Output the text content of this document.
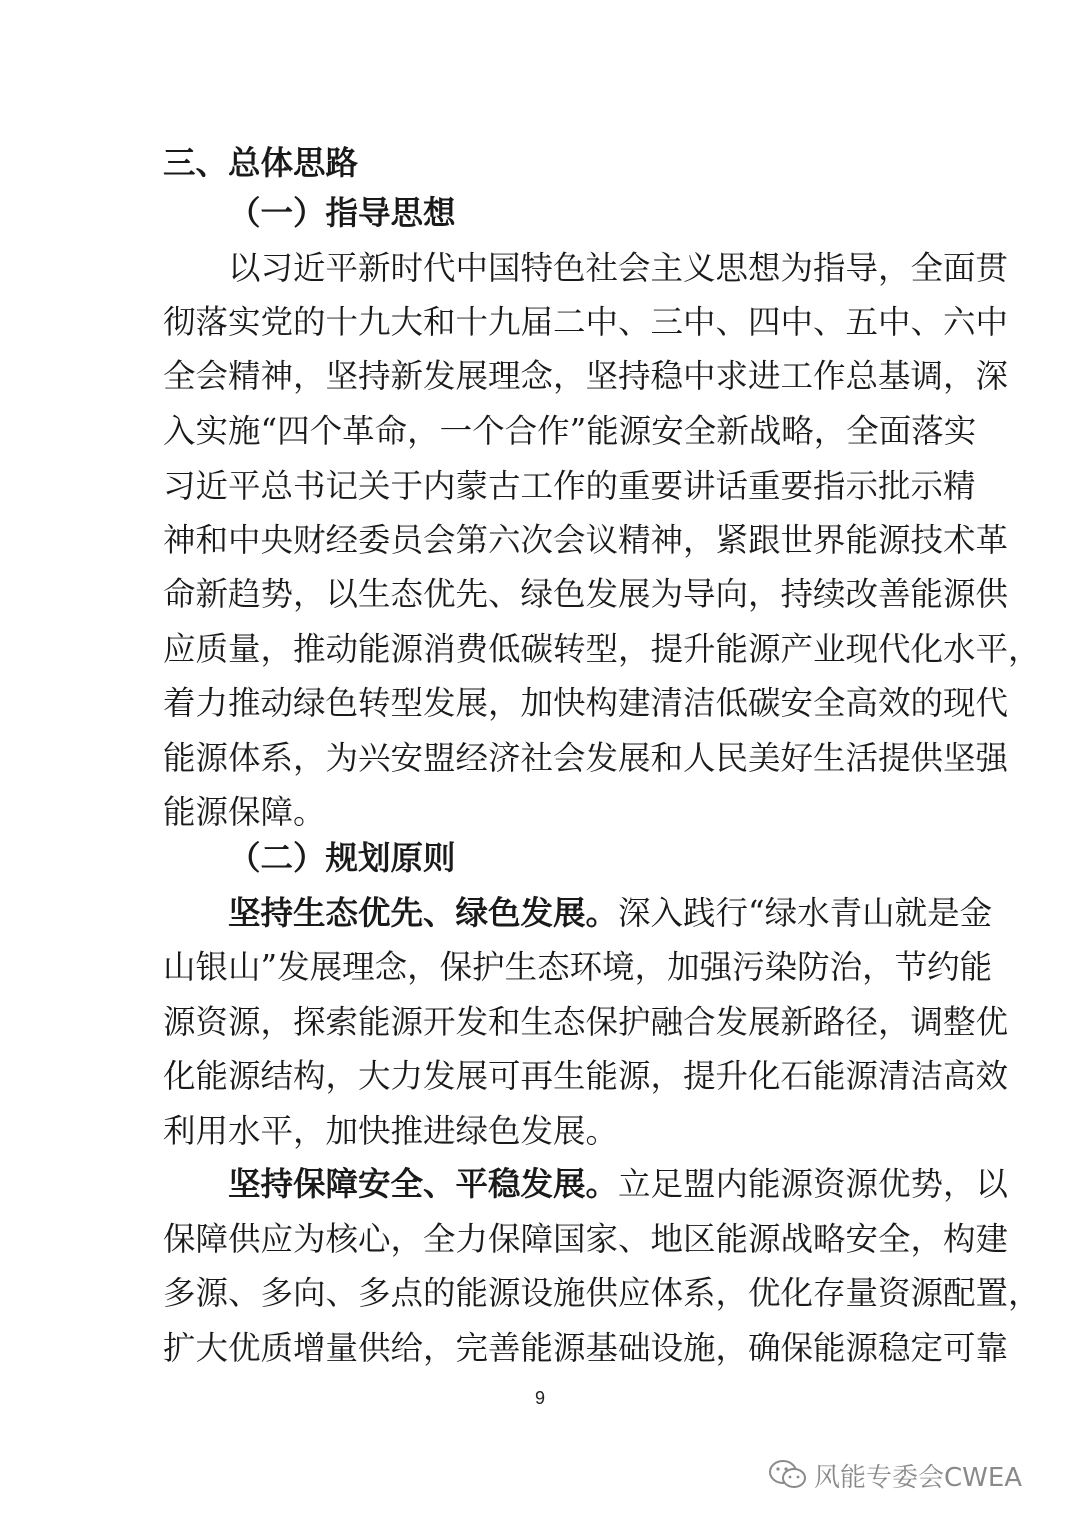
三、总体思路
（一）指导思想
以习近平新时代中国特色社会主义思想为指导，全面贯
彻落实党的十九大和十九届二中、三中、四中、五中、六中
全会精神，坚持新发展理念，坚持稳中求进工作总基调，深
入实施“四个革命，一个合作”能源安全新战略，全面落实
习近平总书记关于内蒙古工作的重要讲话重要指示批示精
神和中央财经委员会第六次会议精神，紧跟世界能源技术革
命新趋势，以生态优先、绿色发展为导向，持续改善能源供
应质量，推动能源消费低碳转型，提升能源产业现代化水平，
着力推动绿色转型发展，加快构建清洁低碳安全高效的现代
能源体系，为兴安盟经济社会发展和人民美好生活提供坚强
能源保障。
（二）规划原则
坚持生态优先、绿色发展。深入践行“绿水青山就是金
山银山”发展理念，保护生态环境，加强污染防治，节约能
源资源，探索能源开发和生态保护融合发展新路径，调整优
化能源结构，大力发展可再生能源，提升化石能源清洁高效
利用水平，加快推进绿色发展。
坚持保障安全、平稳发展。立足盟内能源资源优势，以
保障供应为核心，全力保障国家、地区能源战略安全，构建
多源、多向、多点的能源设施供应体系，优化存量资源配置，
扩大优质增量供给，完善能源基础设施，确保能源稳定可靠
9
风能专委会CWEA
